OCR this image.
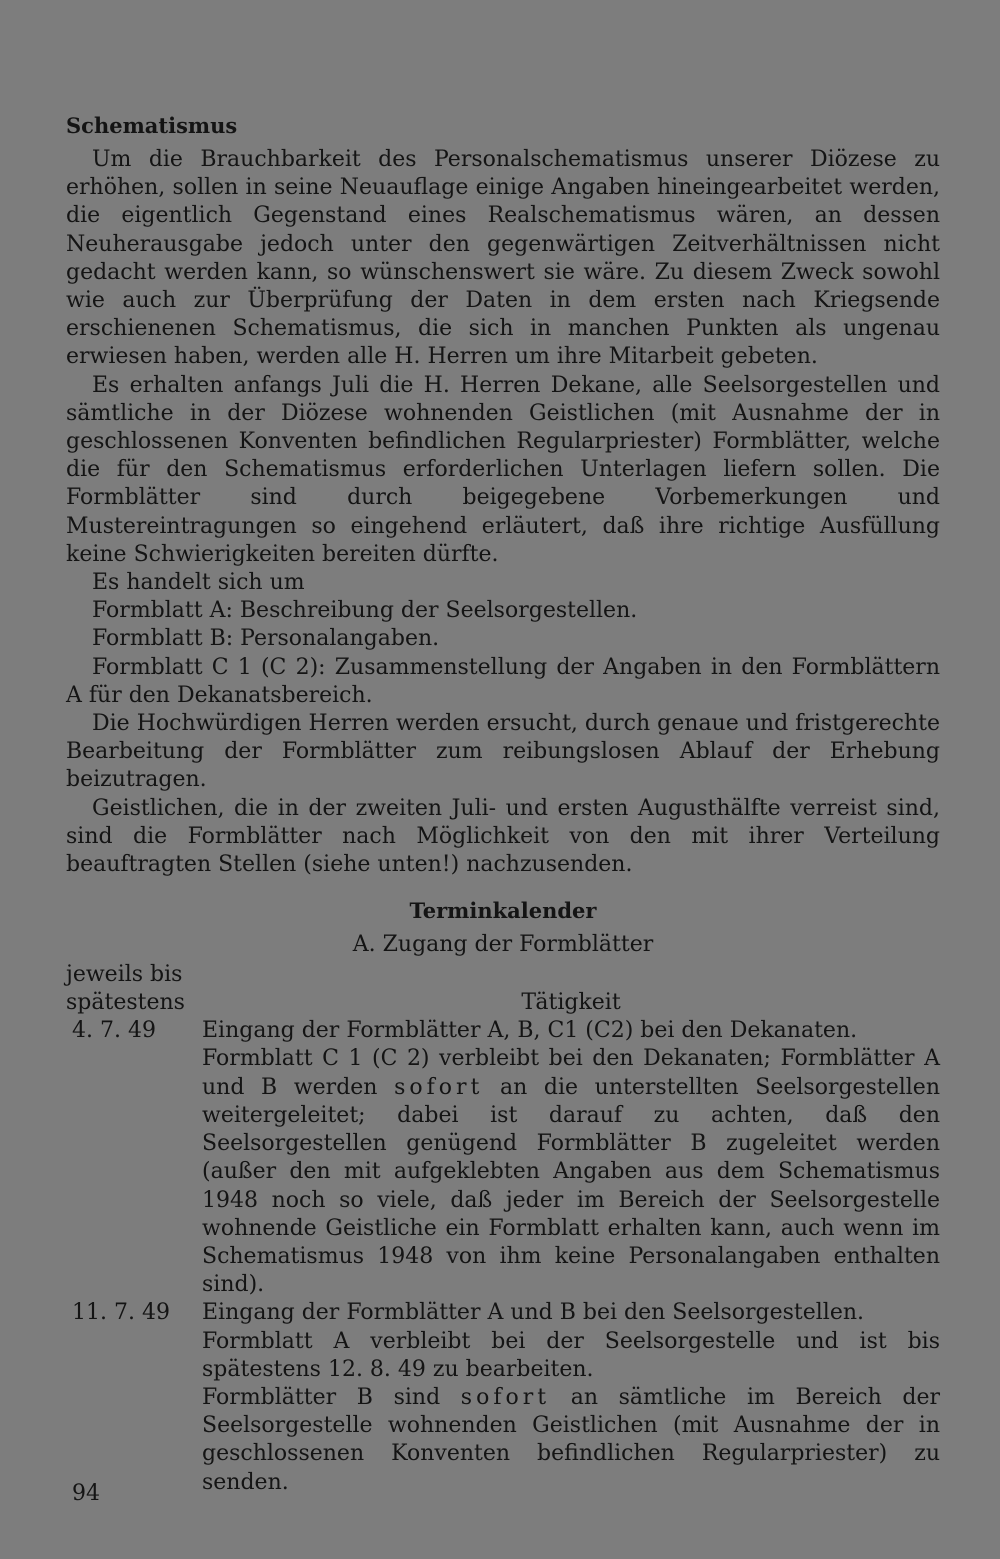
Schematismus

Um die Brauchbarkeit des Personalschematismus unserer Diözese zu erhöhen, sollen in seine Neuauflage einige Angaben hineingearbeitet werden, die eigentlich Gegenstand eines Realschematismus wären, an dessen Neuherausgabe jedoch unter den gegenwärtigen Zeitverhältnissen nicht gedacht werden kann, so wünschenswert sie wäre. Zu diesem Zweck sowohl wie auch zur Überprüfung der Daten in dem ersten nach Kriegsende erschienenen Schematismus, die sich in manchen Punkten als ungenau erwiesen haben, werden alle H. Herren um ihre Mitarbeit gebeten.

Es erhalten anfangs Juli die H. Herren Dekane, alle Seelsorgestellen und sämtliche in der Diözese wohnenden Geistlichen (mit Ausnahme der in geschlossenen Konventen befindlichen Regularpriester) Formblätter, welche die für den Schematismus erforderlichen Unterlagen liefern sollen. Die Formblätter sind durch beigegebene Vorbemerkungen und Mustereintragungen so eingehend erläutert, daß ihre richtige Ausfüllung keine Schwierigkeiten bereiten dürfte.

Es handelt sich um

Formblatt A: Beschreibung der Seelsorgestellen.

Formblatt B: Personalangaben.

Formblatt C 1 (C 2): Zusammenstellung der Angaben in den Formblättern A für den Dekanatsbereich.

Die Hochwürdigen Herren werden ersucht, durch genaue und fristgerechte Bearbeitung der Formblätter zum reibungslosen Ablauf der Erhebung beizutragen.

Geistlichen, die in der zweiten Juli- und ersten Augusthälfte verreist sind, sind die Formblätter nach Möglichkeit von den mit ihrer Verteilung beauftragten Stellen (siehe unten!) nachzusenden.

Terminkalender
A. Zugang der Formblätter
jeweils bis spätestens	Tätigkeit
4. 7. 49	Eingang der Formblätter A, B, C1 (C2) bei den Dekanaten.

Formblatt C 1 (C 2) verbleibt bei den Dekanaten; Formblätter A und B werden sofort an die unterstellten Seelsorgestellen weitergeleitet; dabei ist darauf zu achten, daß den Seelsorgestellen genügend Formblätter B zugeleitet werden (außer den mit aufgeklebten Angaben aus dem Schematismus 1948 noch so viele, daß jeder im Bereich der Seelsorgestelle wohnende Geistliche ein Formblatt erhalten kann, auch wenn im Schematismus 1948 von ihm keine Personalangaben enthalten sind).

11. 7. 49	Eingang der Formblätter A und B bei den Seelsorgestellen.

Formblatt A verbleibt bei der Seelsorgestelle und ist bis spätestens 12. 8. 49 zu bearbeiten.

Formblätter B sind sofort an sämtliche im Bereich der Seelsorgestelle wohnenden Geistlichen (mit Ausnahme der in geschlossenen Konventen befindlichen Regularpriester) zu senden.

94
